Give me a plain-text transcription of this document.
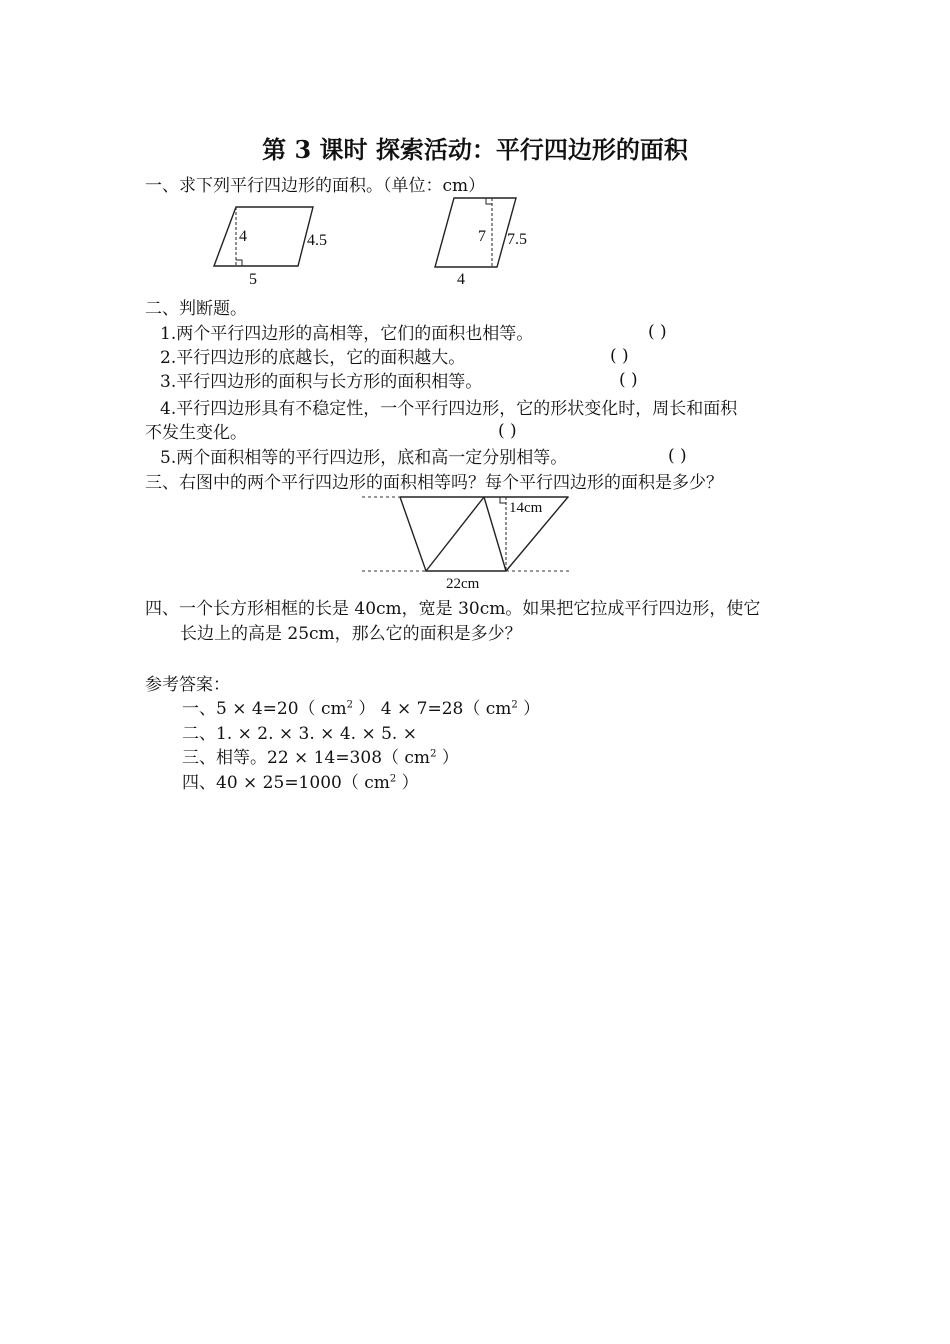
第 3 课时 探索活动：平行四边形的面积
一、求下列平行四边形的面积。（单位：cm）
4	4.5
5
7 7.5
4
二、判断题。
1.两个平行四边形的高相等，它们的面积也相等。	( )
2.平行四边形的底越长，它的面积越大。	( )
3.平行四边形的面积与长方形的面积相等。	( )
4.平行四边形具有不稳定性，一个平行四边形，它的形状变化时，周长和面积
不发生变化。	( )
5.两个面积相等的平行四边形，底和高一定分别相等。	( )
三、右图中的两个平行四边形的面积相等吗？每个平行四边形的面积是多少？
14cm
22cm
四、一个长方形相框的长是 40cm，宽是 30cm。如果把它拉成平行四边形，使它
长边上的高是 25cm，那么它的面积是多少？
参考答案：
一、5 × 4=20（ $cm^2$ ） 4 × 7=28（ $cm^2$ ）
二、1. × 2. × 3. × 4. × 5. ×
三、相等。22 × 14=308（ $cm^2$ ）
四、40 × 25=1000（ $cm^2$ ）
